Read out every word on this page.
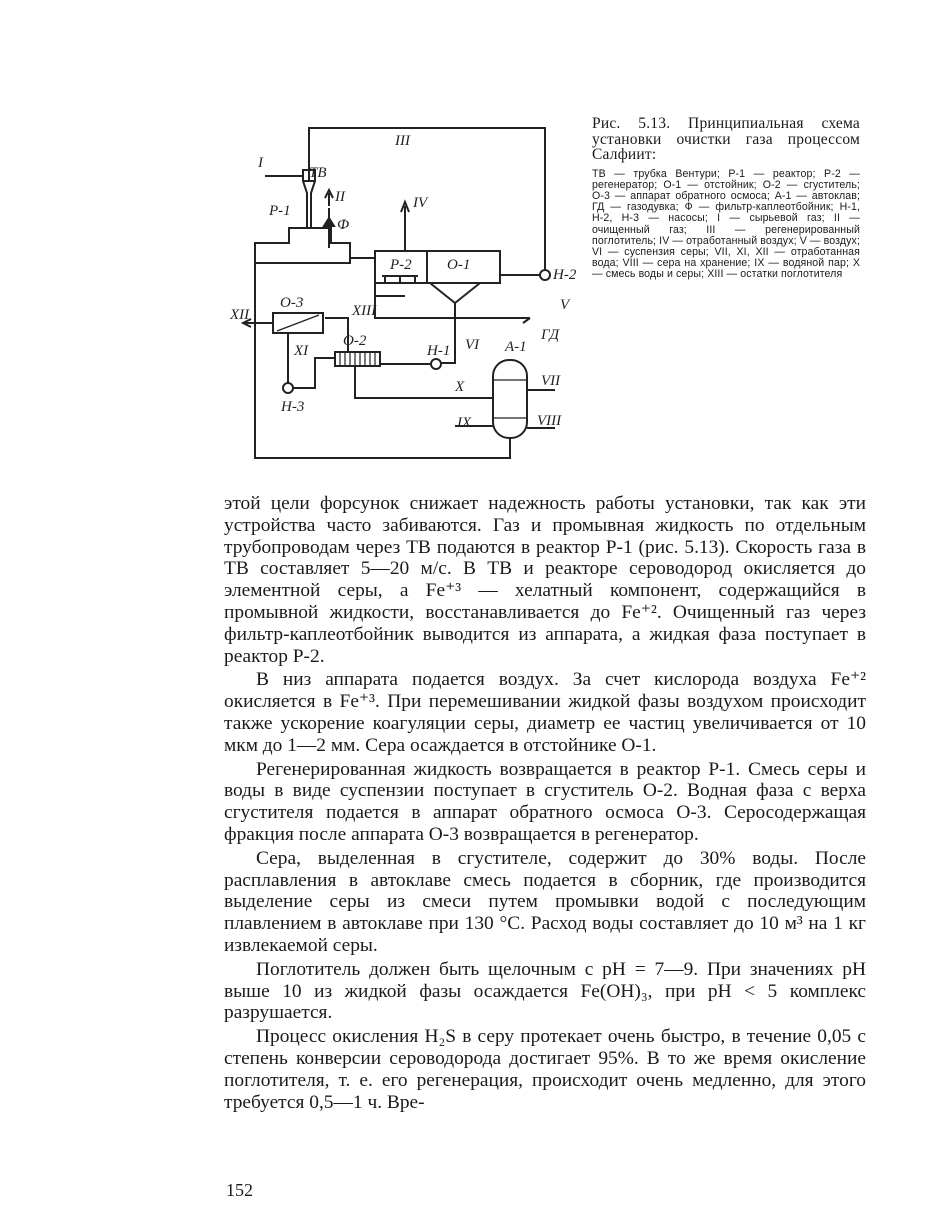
I
ТВ
III
Р-1
II
Ф
IV
Р-2 О-1
Н-2
V
ГД
О-3
XII	XIII
О-2
XI	Н-1 VI А-1
X	VII
Н-3
IX	VIII
Рис. 5.13. Принципиальная схема установки очистки газа процессом Салфиит:
ТВ — трубка Вентури; Р-1 — реактор; Р-2 — регенератор; О-1 — отстойник; О-2 — сгуститель; О-3 — аппарат обратного осмоса; А-1 — автоклав; ГД — газодувка; Ф — фильтр-каплеотбойник; Н-1, Н-2, Н-3 — насосы; I — сырьевой газ; II — очищенный газ; III — регенерированный поглотитель; IV — отработанный воздух; V — воздух; VI — суспензия серы; VII, XI, XII — отработанная вода; VIII — сера на хранение; IX — водяной пар; X — смесь воды и серы; XIII — остатки поглотителя

этой цели форсунок снижает надежность работы установки, так как эти устройства часто забиваются. Газ и промывная жидкость по отдельным трубопроводам через ТВ подаются в реактор Р-1 (рис. 5.13). Скорость газа в ТВ составляет 5—20 м/с. В ТВ и реакторе сероводород окисляется до элементной серы, а Fe⁺³ — хелатный компонент, содержащийся в промывной жидкости, восстанавливается до Fe⁺². Очищенный газ через фильтр-каплеотбойник выводится из аппарата, а жидкая фаза поступает в реактор Р-2.

В низ аппарата подается воздух. За счет кислорода воздуха Fe⁺² окисляется в Fe⁺³. При перемешивании жидкой фазы воздухом происходит также ускорение коагуляции серы, диаметр ее частиц увеличивается от 10 мкм до 1—2 мм. Сера осаждается в отстойнике О-1.

Регенерированная жидкость возвращается в реактор Р-1. Смесь серы и воды в виде суспензии поступает в сгуститель О-2. Водная фаза с верха сгустителя подается в аппарат обратного осмоса О-3. Серосодержащая фракция после аппарата О-3 возвращается в регенератор.

Сера, выделенная в сгустителе, содержит до 30% воды. После расплавления в автоклаве смесь подается в сборник, где производится выделение серы из смеси путем промывки водой с последующим плавлением в автоклаве при 130 °С. Расход воды составляет до 10 м³ на 1 кг извлекаемой серы.

Поглотитель должен быть щелочным с pH = 7—9. При значениях pH выше 10 из жидкой фазы осаждается Fe(OH)₃, при pH < 5 комплекс разрушается.

Процесс окисления H₂S в серу протекает очень быстро, в течение 0,05 с степень конверсии сероводорода достигает 95%. В то же время окисление поглотителя, т. е. его регенерация, происходит очень медленно, для этого требуется 0,5—1 ч. Вре-

152
